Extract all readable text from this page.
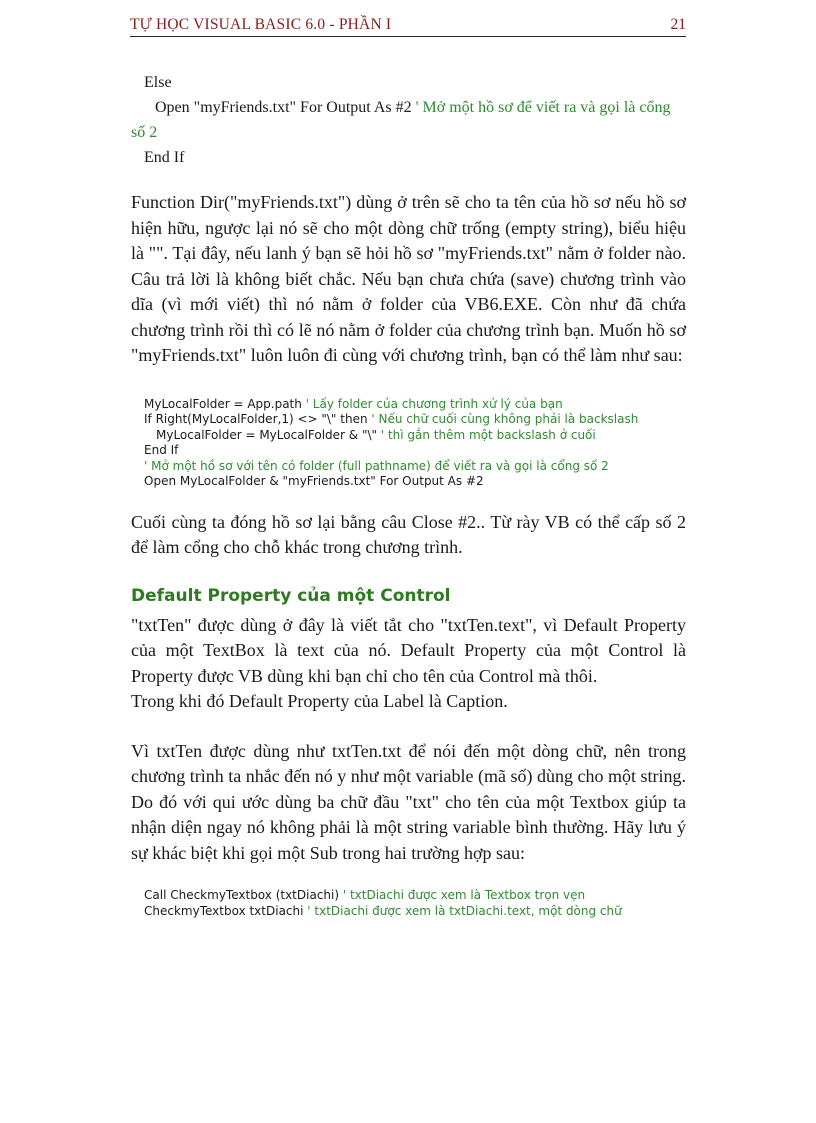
TỰ HỌC VISUAL BASIC 6.0 - PHẦN I	21
Else
Open "myFriends.txt" For Output As #2 ' Mở một hồ sơ để viết ra và gọi là cổng
số 2
End If

Function Dir("myFriends.txt") dùng ở trên sẽ cho ta tên của hồ sơ nếu hồ sơ hiện hữu, ngược lại nó sẽ cho một dòng chữ trống (empty string), biểu hiệu là "". Tại đây, nếu lanh ý bạn sẽ hỏi hồ sơ "myFriends.txt" nằm ở folder nào. Câu trả lời là không biết chắc. Nếu bạn chưa chứa (save) chương trình vào dĩa (vì mới viết) thì nó nằm ở folder của VB6.EXE. Còn như đã chứa chương trình rồi thì có lẽ nó nằm ở folder của chương trình bạn. Muốn hồ sơ "myFriends.txt" luôn luôn đi cùng với chương trình, bạn có thể làm như sau:

MyLocalFolder = App.path ' Lấy folder của chương trình xử lý của bạn
If Right(MyLocalFolder,1) <> "\" then ' Nếu chữ cuối cùng không phải là backslash
MyLocalFolder = MyLocalFolder & "\" ' thì gắn thêm một backslash ở cuối
End If
' Mở một hồ sơ với tên có folder (full pathname) để viết ra và gọi là cổng số 2
Open MyLocalFolder & "myFriends.txt" For Output As #2

Cuối cùng ta đóng hồ sơ lại bằng câu Close #2.. Từ rày VB có thể cấp số 2 để làm cổng cho chỗ khác trong chương trình.

Default Property của một Control

"txtTen" được dùng ở đây là viết tắt cho "txtTen.text", vì Default Property của một TextBox là text của nó. Default Property của một Control là Property được VB dùng khi bạn chỉ cho tên của Control mà thôi.

Trong khi đó Default Property của Label là Caption.

Vì txtTen được dùng như txtTen.txt để nói đến một dòng chữ, nên trong chương trình ta nhắc đến nó y như một variable (mã số) dùng cho một string. Do đó với qui ước dùng ba chữ đầu "txt" cho tên của một Textbox giúp ta nhận diện ngay nó không phải là một string variable bình thường. Hãy lưu ý sự khác biệt khi gọi một Sub trong hai trường hợp sau:

Call CheckmyTextbox (txtDiachi) ' txtDiachi được xem là Textbox trọn vẹn
CheckmyTextbox txtDiachi ' txtDiachi được xem là txtDiachi.text, một dòng chữ
